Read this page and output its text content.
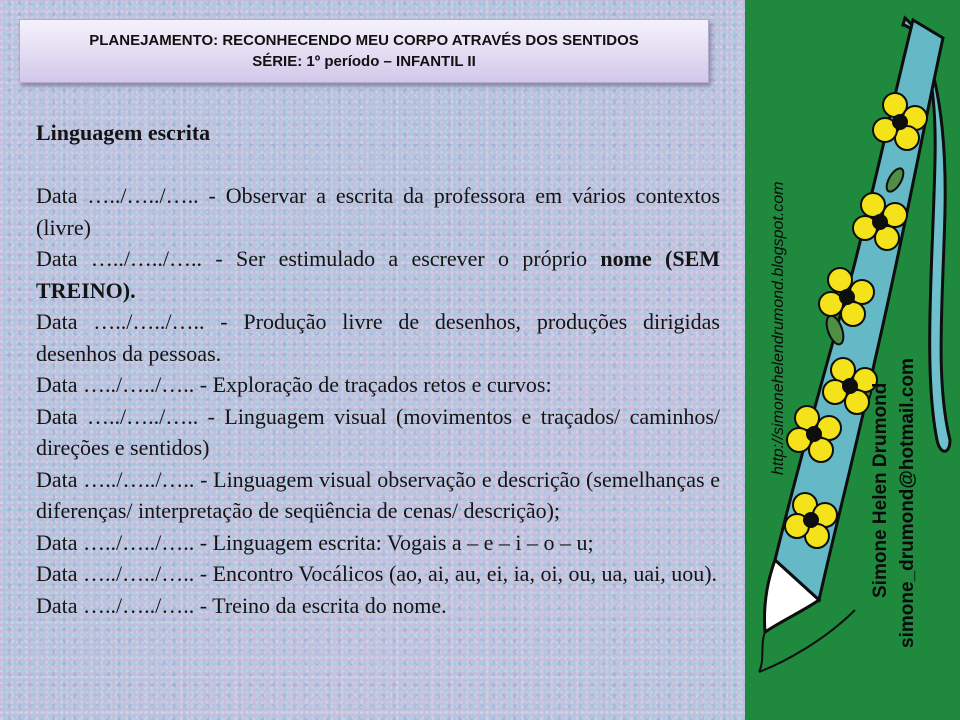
PLANEJAMENTO: RECONHECENDO MEU CORPO ATRAVÉS DOS SENTIDOS
SÉRIE: 1º período – INFANTIL II

Linguagem escrita

Data …../…../….. - Observar a escrita da professora em vários contextos (livre)

Data …../…../….. - Ser estimulado a escrever o próprio nome (SEM TREINO).

Data …../…../….. - Produção livre de desenhos, produções dirigidas desenhos da pessoas.

Data …../…../….. - Exploração de traçados retos e curvos:

Data …../…../….. - Linguagem visual (movimentos e traçados/ caminhos/ direções e sentidos)

Data …../…../….. - Linguagem visual observação e descrição (semelhanças e diferenças/ interpretação de seqüência de cenas/ descrição);

Data …../…../….. - Linguagem escrita: Vogais a – e – i – o – u;

Data …../…../….. - Encontro Vocálicos (ao, ai, au, ei, ia, oi, ou, ua, uai, uou).

Data …../…../….. - Treino da escrita do nome.

http://simonehelendrumond.blogspot.com
Simone Helen Drumond simone_drumond@hotmail.com
